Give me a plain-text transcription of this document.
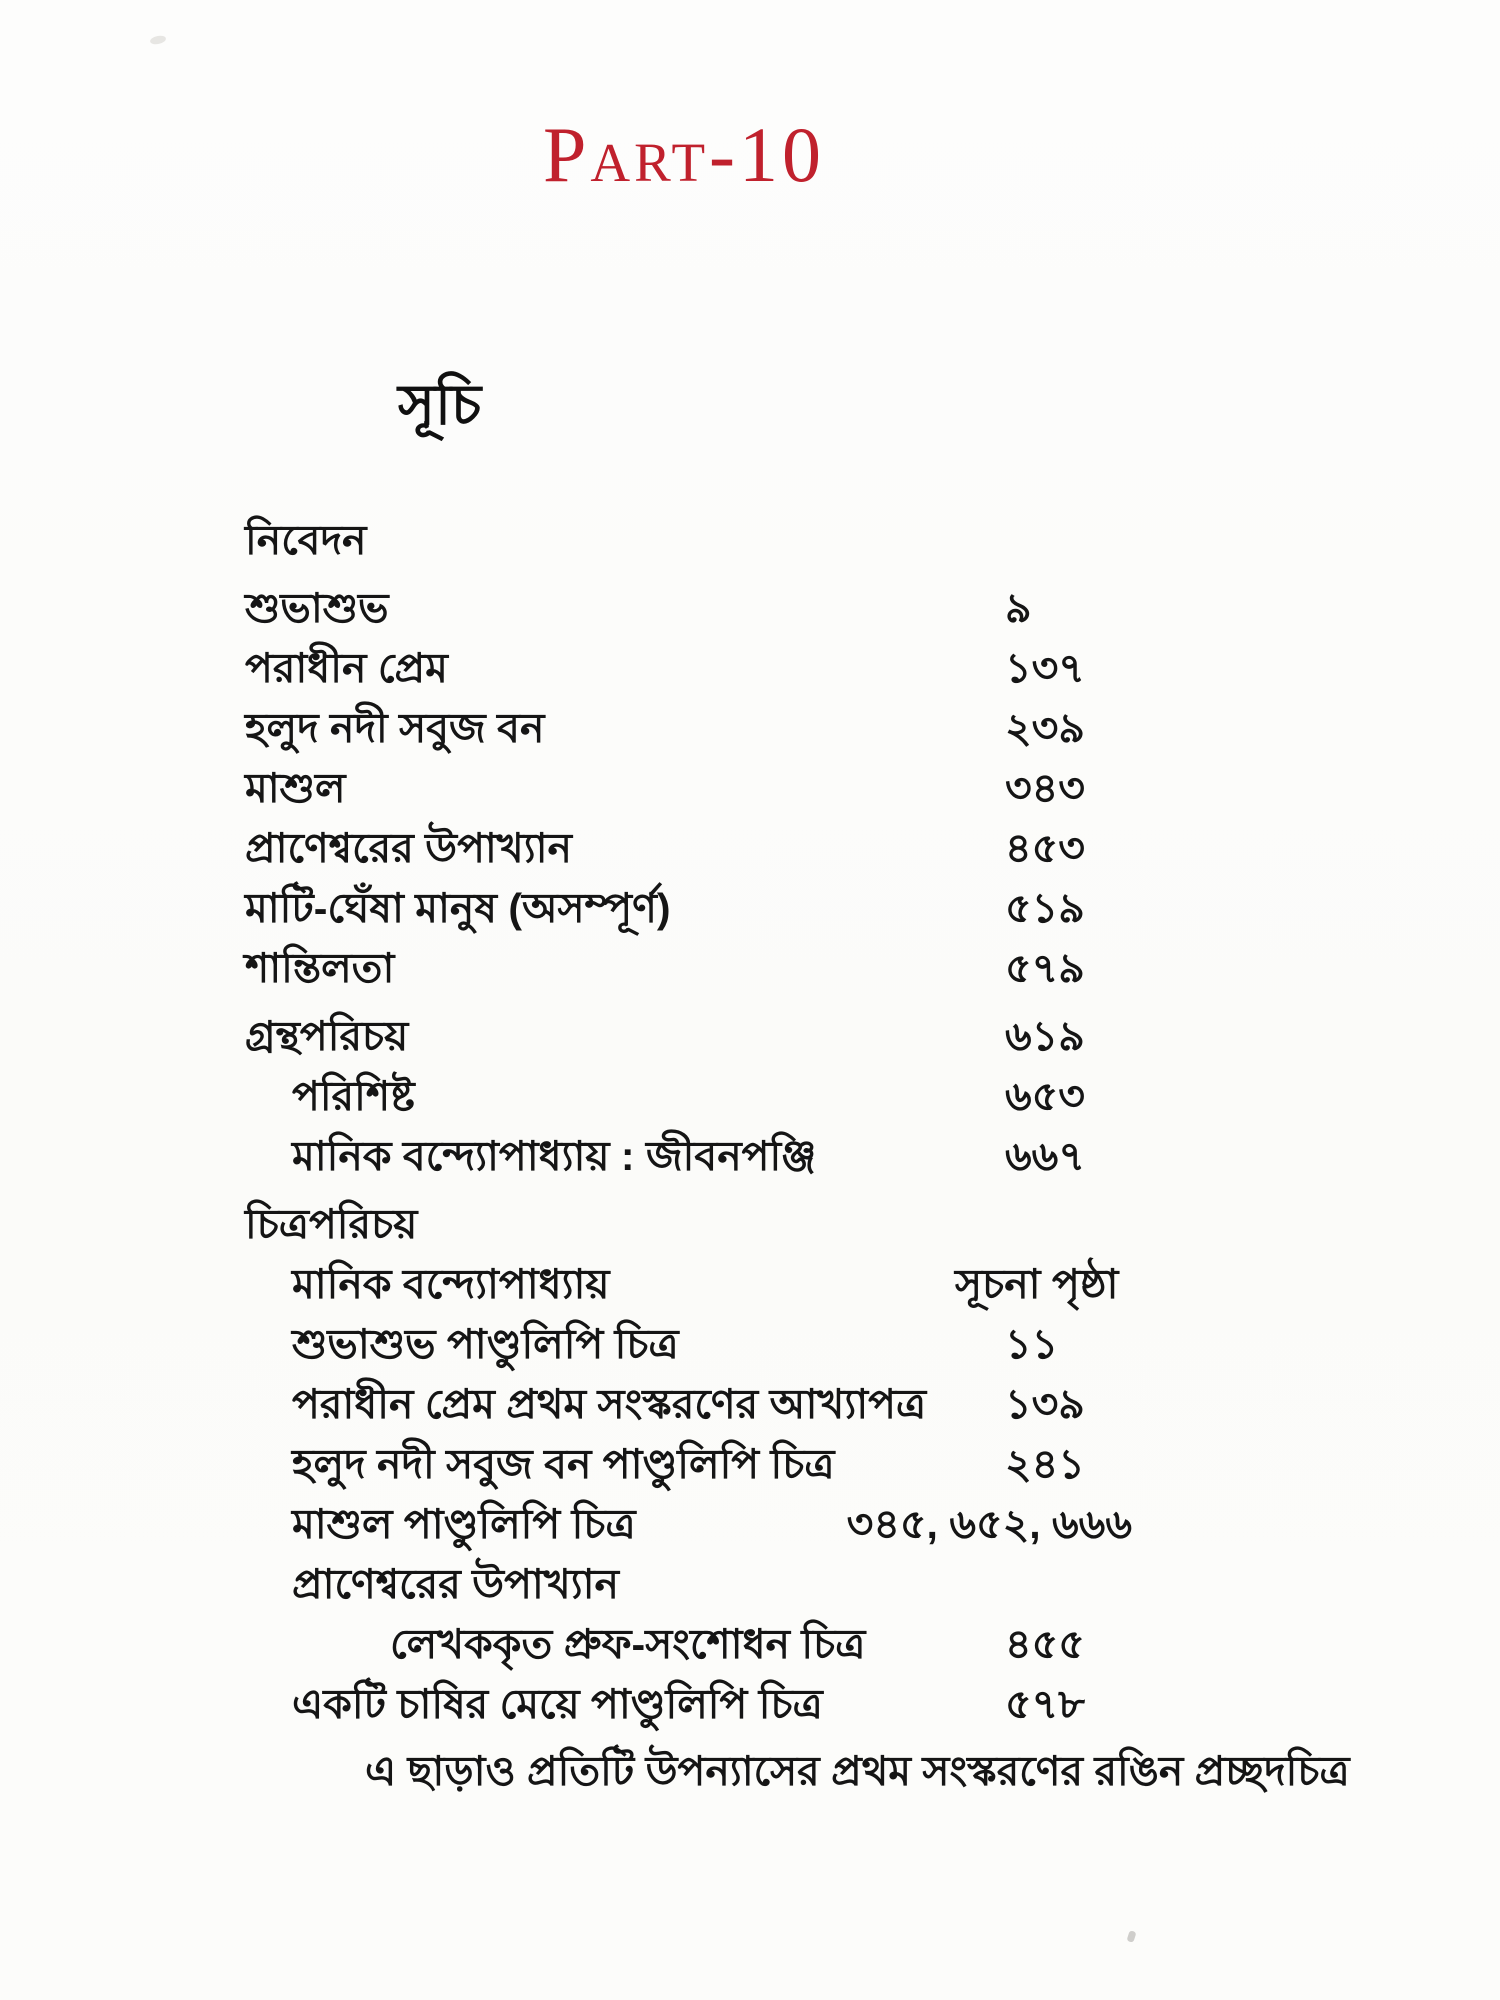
Part-10
সূচি
নিবেদন
শুভাশুভ	৯
পরাধীন প্রেম	১৩৭
হলুদ নদী সবুজ বন	২৩৯
মাশুল	৩৪৩
প্রাণেশ্বরের উপাখ্যান	৪৫৩
মাটি-ঘেঁষা মানুষ (অসম্পূর্ণ)	৫১৯
শান্তিলতা	৫৭৯
গ্রন্থপরিচয়	৬১৯
পরিশিষ্ট	৬৫৩
মানিক বন্দ্যোপাধ্যায় : জীবনপঞ্জি	৬৬৭
চিত্রপরিচয়
মানিক বন্দ্যোপাধ্যায়	সূচনা পৃষ্ঠা
শুভাশুভ পাণ্ডুলিপি চিত্র	১১
পরাধীন প্রেম প্রথম সংস্করণের আখ্যাপত্র ১৩৯
হলুদ নদী সবুজ বন পাণ্ডুলিপি চিত্র	২৪১
মাশুল পাণ্ডুলিপি চিত্র	৩৪৫, ৬৫২, ৬৬৬
প্রাণেশ্বরের উপাখ্যান
লেখককৃত প্রুফ-সংশোধন চিত্র	৪৫৫
একটি চাষির মেয়ে পাণ্ডুলিপি চিত্র	৫৭৮
এ ছাড়াও প্রতিটি উপন্যাসের প্রথম সংস্করণের রঙিন প্রচ্ছদচিত্র
